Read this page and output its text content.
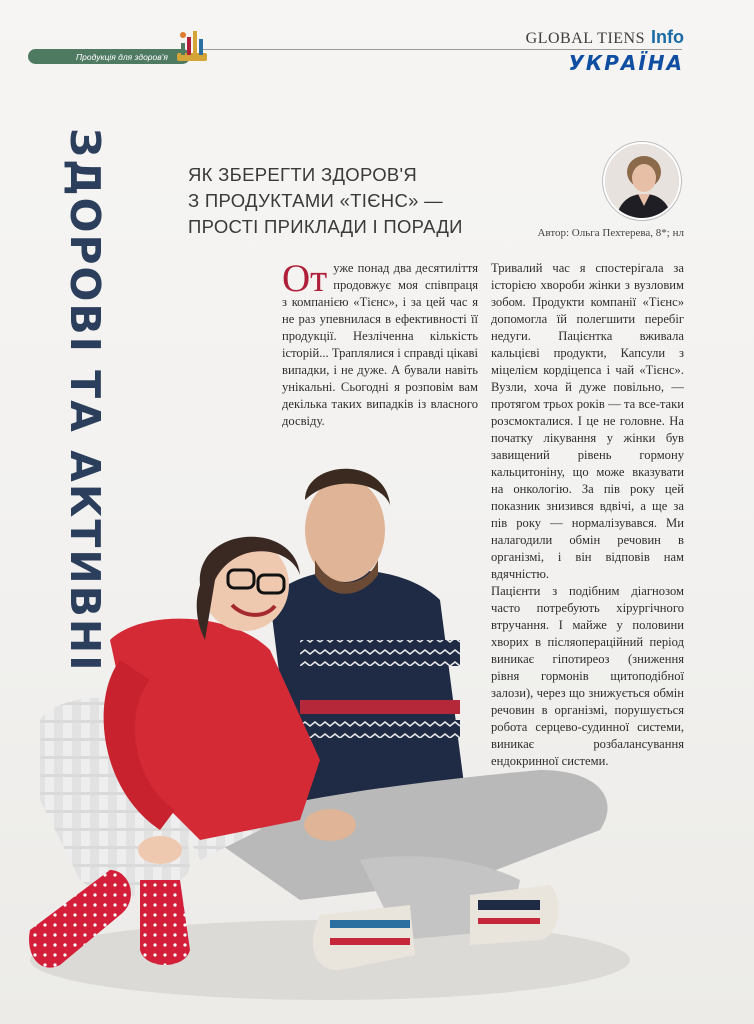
Продукція для здоров'я
GLOBAL TIENS Info
УКРАЇНА
ЗДОРОВІ ТА АКТИВНІ	ЯК ЗБЕРЕГТИ ЗДОРОВ'Я
З ПРОДУКТАМИ «ТІЄНС» —
ПРОСТІ ПРИКЛАДИ І ПОРАДИ	Автор: Ольга Пехтерева, 8*; нл
От уже понад два десятиліття продовжує моя співпраця з компанією «Тієнс», і за цей час я не раз упевнилася в ефективності її продукції. Незліченна кількість історій... Траплялися і справді цікаві випадки, і не дуже. А бували навіть унікальні. Сьогодні я розповім вам декілька таких випадків із власного досвіду.

Тривалий час я спостерігала за історією хвороби жінки з вузловим зобом. Продукти компанії «Тієнс» допомогла їй полегшити перебіг недуги. Пацієнтка вживала кальцієві продукти, Капсули з міцелієм кордіцепса і чай «Тієнс». Вузли, хоча й дуже повільно, — протягом трьох років — та все-таки розсмокталися. І це не головне. На початку лікування у жінки був завищений рівень гормону кальцитоніну, що може вказувати на онкологію. За пів року цей показник знизився вдвічі, а ще за пів року — нормалізувався. Ми налагодили обмін речовин в організмі, і він відповів нам вдячністю.

Пацієнти з подібним діагнозом часто потребують хірургічного втручання. І майже у половини хворих в післяопераційний період виникає гіпотиреоз (зниження рівня гормонів щитоподібної залози), через що знижується обмін речовин в організмі, порушується робота серцево-судинної системи, виникає розбалансування ендокринної системи.
